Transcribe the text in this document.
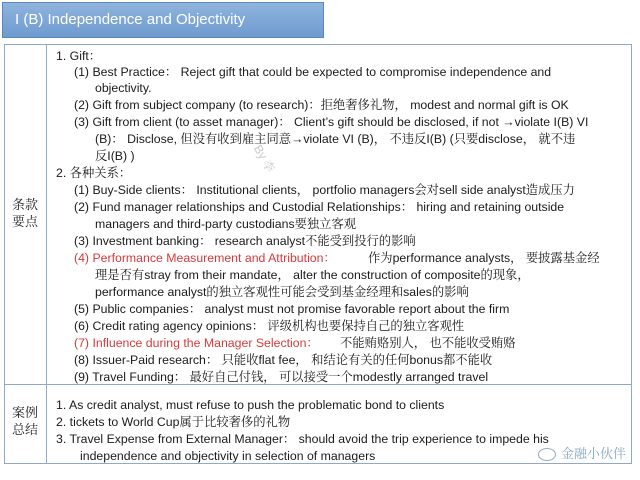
I (B) Independence and Objectivity
条款
要点
案例
总结
1. Gift：
(1) Best Practice： Reject gift that could be expected to compromise independence and
objectivity.
(2) Gift from subject company (to research)：拒绝奢侈礼物， modest and normal gift is OK
(3) Gift from client (to asset manager)： Client’s gift should be disclosed, if not →violate I(B) VI
(B)： Disclose, 但没有收到雇主同意→violate VI (B)， 不违反I(B) (只要disclose， 就不违
反I(B) )
2. 各种关系：
(1) Buy-Side clients： Institutional clients， portfolio managers会对sell side analyst造成压力
(2) Fund manager relationships and Custodial Relationships： hiring and retaining outside
managers and third-party custodians要独立客观
(3) Investment banking： research analyst不能受到投行的影响
(4) Performance Measurement and Attribution：	作为performance analysts， 要披露基金经
理是否有stray from their mandate， alter the construction of composite的现象，
performance analyst的独立客观性可能会受到基金经理和sales的影响
(5) Public companies： analyst must not promise favorable report about the firm
(6) Credit rating agency opinions： 评级机构也要保持自己的独立客观性
(7) Influence during the Manager Selection： 不能贿赂别人， 也不能收受贿赂
(8) Issuer-Paid research： 只能收flat fee， 和结论有关的任何bonus都不能收
(9) Travel Funding： 最好自己付钱， 可以接受一个modestly arranged travel
1. As credit analyst, must refuse to push the problematic bond to clients
2. tickets to World Cup属于比较奢侈的礼物
3. Travel Expense from External Manager： should avoid the trip experience to impede his
independence and objectivity in selection of managers
By 李
金融小伙伴
